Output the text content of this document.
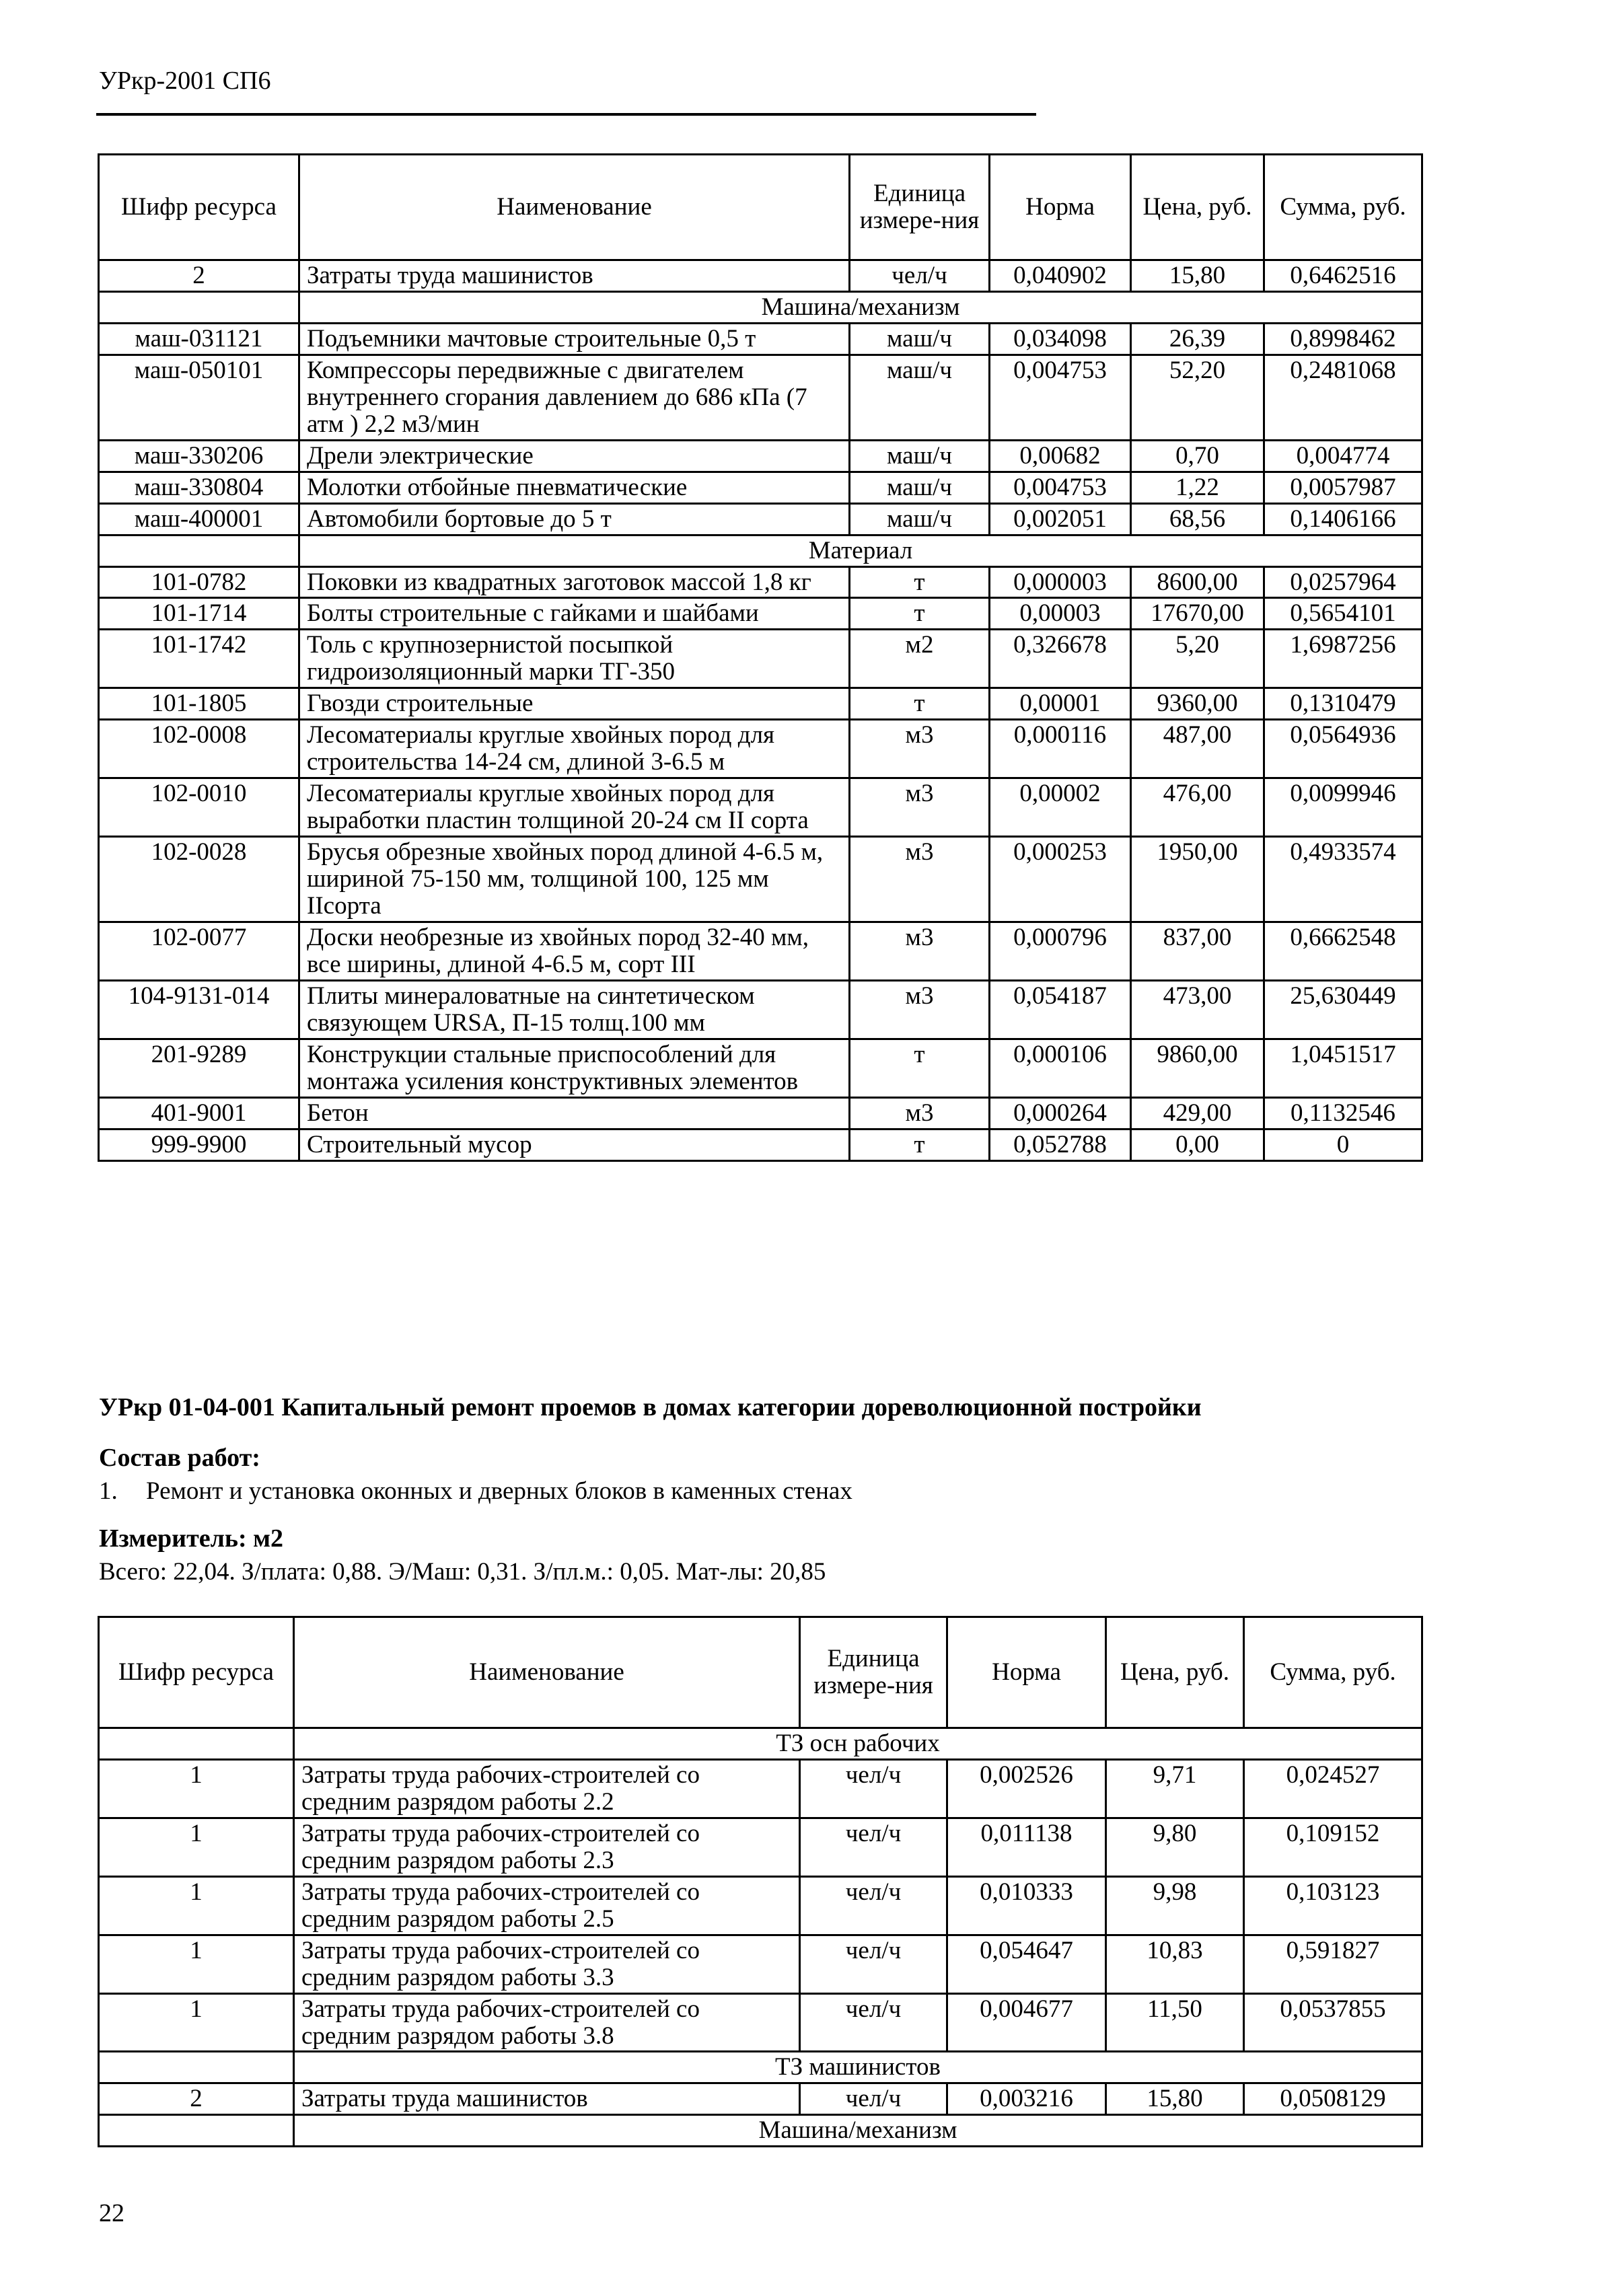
УРкр-2001 СП6
Шифр ресурса	Наименование	Единица измере-ния	Норма	Цена, руб.	Сумма, руб.
2	Затраты труда машинистов	чел/ч	0,040902	15,80	0,6462516
	Машина/механизм				
маш-031121	Подъемники мачтовые строительные 0,5 т	маш/ч	0,034098	26,39	0,8998462
маш-050101	Компрессоры передвижные с двигателем внутреннего сгорания давлением до 686 кПа (7 атм ) 2,2 м3/мин	маш/ч	0,004753	52,20	0,2481068
маш-330206	Дрели электрические	маш/ч	0,00682	0,70	0,004774
маш-330804	Молотки отбойные пневматические	маш/ч	0,004753	1,22	0,0057987
маш-400001	Автомобили бортовые до 5 т	маш/ч	0,002051	68,56	0,1406166
	Материал				
101-0782	Поковки из квадратных заготовок массой 1,8 кг	т	0,000003	8600,00	0,0257964
101-1714	Болты строительные с гайками и шайбами	т	0,00003	17670,00	0,5654101
101-1742	Толь с крупнозернистой посыпкой гидроизоляционный марки ТГ-350	м2	0,326678	5,20	1,6987256
101-1805	Гвозди строительные	т	0,00001	9360,00	0,1310479
102-0008	Лесоматериалы круглые хвойных пород для строительства 14-24 см, длиной 3-6.5 м	м3	0,000116	487,00	0,0564936
102-0010	Лесоматериалы круглые хвойных пород для выработки пластин толщиной 20-24 см II сорта	м3	0,00002	476,00	0,0099946
102-0028	Брусья обрезные хвойных пород длиной 4-6.5 м, шириной 75-150 мм, толщиной 100, 125 мм IIсорта	м3	0,000253	1950,00	0,4933574
102-0077	Доски необрезные из хвойных пород 32-40 мм, все ширины, длиной 4-6.5 м, сорт III	м3	0,000796	837,00	0,6662548
104-9131-014	Плиты минераловатные на синтетическом связующем URSA, П-15 толщ.100 мм	м3	0,054187	473,00	25,630449
201-9289	Конструкции стальные приспособлений для монтажа усиления конструктивных элементов	т	0,000106	9860,00	1,0451517
401-9001	Бетон	м3	0,000264	429,00	0,1132546
999-9900	Строительный мусор	т	0,052788	0,00	0
УРкр 01-04-001 Капитальный ремонт проемов в домах категории дореволюционной постройки
Состав работ:
1. Ремонт и установка оконных и дверных блоков в каменных стенах
Измеритель: м2
Всего: 22,04. З/плата: 0,88. Э/Маш: 0,31. З/пл.м.: 0,05. Мат-лы: 20,85
Шифр ресурса	Наименование	Единица измере-ния	Норма	Цена, руб.	Сумма, руб.
	ТЗ осн рабочих				
1	Затраты труда рабочих-строителей со средним разрядом работы 2.2	чел/ч	0,002526	9,71	0,024527
1	Затраты труда рабочих-строителей со средним разрядом работы 2.3	чел/ч	0,011138	9,80	0,109152
1	Затраты труда рабочих-строителей со средним разрядом работы 2.5	чел/ч	0,010333	9,98	0,103123
1	Затраты труда рабочих-строителей со средним разрядом работы 3.3	чел/ч	0,054647	10,83	0,591827
1	Затраты труда рабочих-строителей со средним разрядом работы 3.8	чел/ч	0,004677	11,50	0,0537855
	ТЗ машинистов				
2	Затраты труда машинистов	чел/ч	0,003216	15,80	0,0508129
	Машина/механизм				
22
